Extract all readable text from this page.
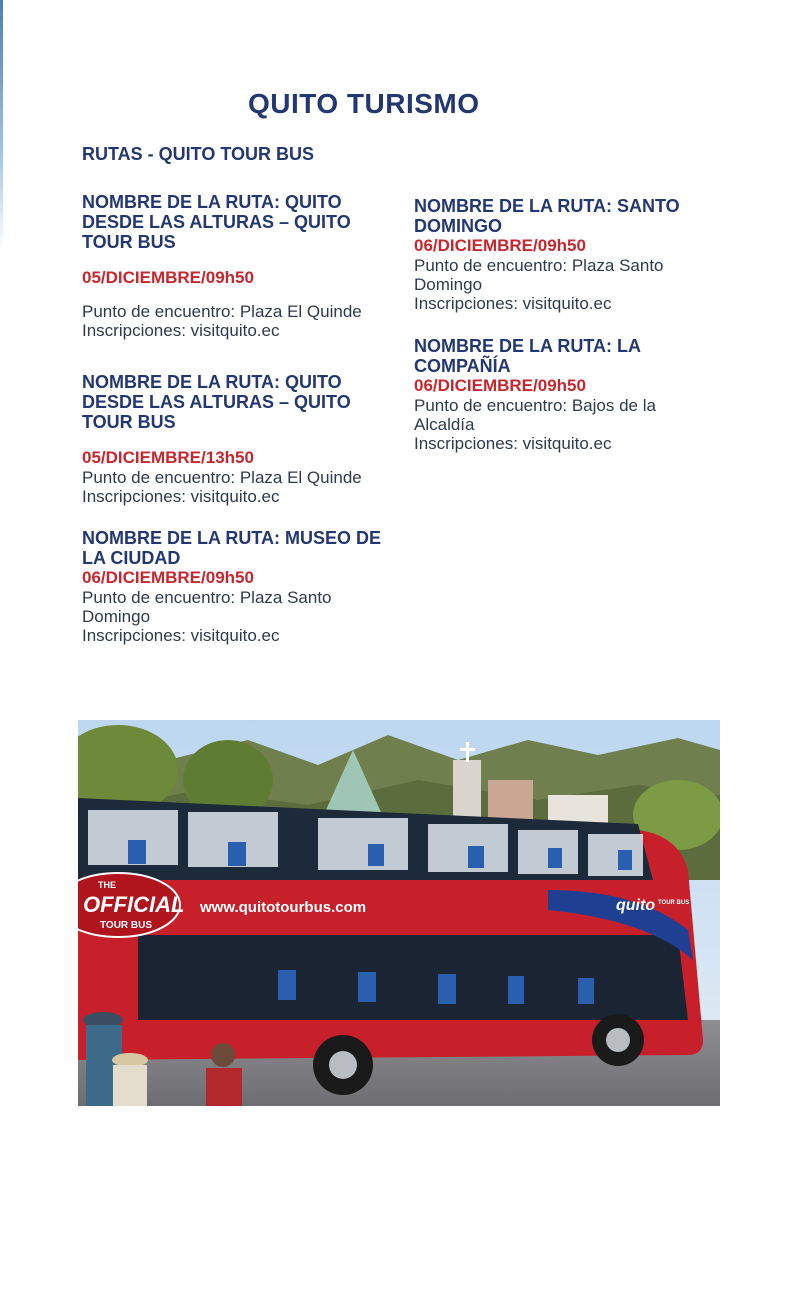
QUITO TURISMO
RUTAS - QUITO TOUR BUS
NOMBRE DE LA RUTA: QUITO DESDE LAS ALTURAS – QUITO TOUR BUS
05/DICIEMBRE/09h50
Punto de encuentro: Plaza El Quinde
Inscripciones: visitquito.ec
NOMBRE DE LA RUTA: QUITO DESDE LAS ALTURAS – QUITO TOUR BUS
05/DICIEMBRE/13h50
Punto de encuentro: Plaza El Quinde
Inscripciones: visitquito.ec
NOMBRE DE LA RUTA: MUSEO DE LA CIUDAD
06/DICIEMBRE/09h50
Punto de encuentro: Plaza Santo Domingo
Inscripciones: visitquito.ec
NOMBRE DE LA RUTA: SANTO DOMINGO
06/DICIEMBRE/09h50
Punto de encuentro: Plaza Santo Domingo
Inscripciones: visitquito.ec
NOMBRE DE LA RUTA: LA COMPAÑÍA
06/DICIEMBRE/09h50
Punto de encuentro: Bajos de la Alcaldía
Inscripciones: visitquito.ec
THE
OFFICIAL
TOUR BUS
www.quitotourbus.com	quito TOUR BUS
